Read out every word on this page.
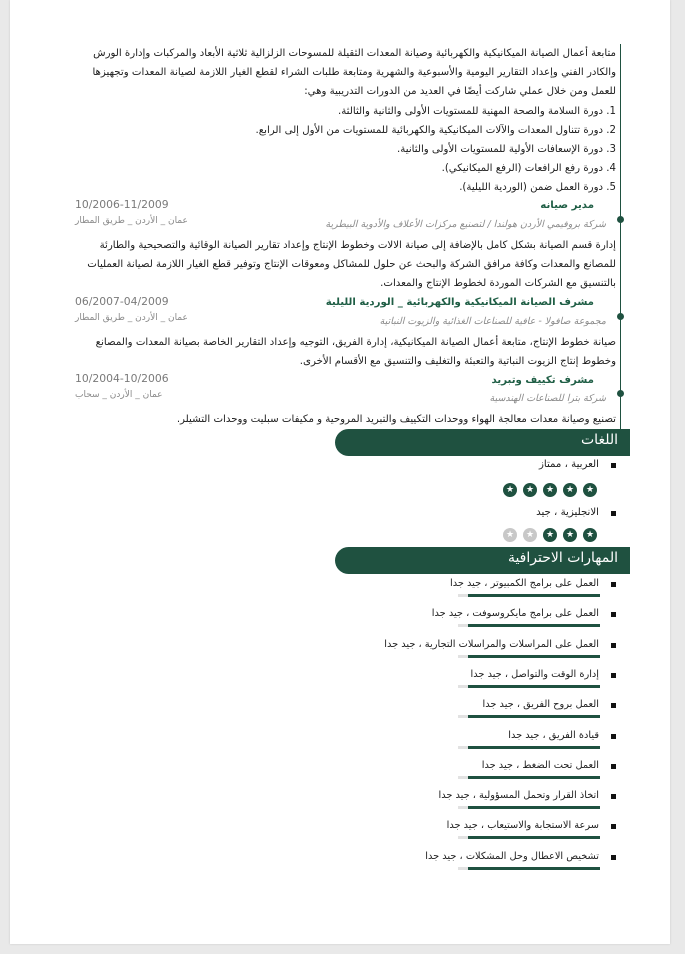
متابعة أعمال الصيانة الميكانيكية والكهربائية وصيانة المعدات الثقيلة للمسوحات الزلزالية ثلاثية الأبعاد والمركبات وإدارة الورش
والكادر الفني وإعداد التقارير اليومية والأسبوعية والشهرية ومتابعة طلبات الشراء لقطع الغيار اللازمة لصيانة المعدات وتجهيزها
للعمل ومن خلال عملي شاركت أيضًا في العديد من الدورات التدريبية وهي:
1. دورة السلامة والصحة المهنية للمستويات الأولى والثانية والثالثة.
2. دورة تتناول المعدات والآلات الميكانيكية والكهربائية للمستويات من الأول إلى الرابع.
3. دورة الإسعافات الأولية للمستويات الأولى والثانية.
4. دورة رفع الرافعات (الرفع الميكانيكي).
5. دورة العمل ضمن (الوردية الليلية).
10/2006-11/2009	مدير صيانه
عمان _ الأردن _ طريق المطار	شركة بروفيمي الأردن هولندا / لتصنيع مركزات الأعلاف والأدوية البيطرية
إدارة قسم الصيانة بشكل كامل بالإضافة إلى صيانة الالات وخطوط الإنتاج وإعداد تقارير الصيانة الوقائية والتصحيحية والطارئة
للمصانع والمعدات وكافة مرافق الشركة والبحث عن حلول للمشاكل ومعوقات الإنتاج وتوفير قطع الغيار اللازمة لصيانة العمليات
بالتنسيق مع الشركات الموردة لخطوط الإنتاج والمعدات.
06/2007-04/2009	مشرف الصيانة الميكانيكية والكهربائية _ الوردية الليلية
عمان _ الأردن _ طريق المطار	مجموعة صافولا - عافية للصناعات الغذائية والزيوت النباتية
صيانة خطوط الإنتاج، متابعة أعمال الصيانة الميكانيكية، إدارة الفريق، التوجيه وإعداد التقارير الخاصة بصيانة المعدات والمصانع
وخطوط إنتاج الزيوت النباتية والتعبئة والتغليف والتنسيق مع الأقسام الأخرى.
10/2004-10/2006	مشرف تكييف وتبريد
عمان _ الأردن _ سحاب	شركة بترا للصناعات الهندسية
تصنيع وصيانة معدات معالجة الهواء ووحدات التكييف والتبريد المروحية و مكيفات سبليت ووحدات التشيلر.
اللغات
العربية ، ممتاز
★
★
★
★
★
الانجليزية ، جيد
★
★
★
★
★
المهارات الاحترافية
العمل على برامج الكمبيوتر ، جيد جدا
العمل على برامج مايكروسوفت ، جيد جدا
العمل على المراسلات والمراسلات التجارية ، جيد جدا
إدارة الوقت والتواصل ، جيد جدا
العمل بروح الفريق ، جيد جدا
قيادة الفريق ، جيد جدا
العمل تحت الضغط ، جيد جدا
اتخاذ القرار وتحمل المسؤولية ، جيد جدا
سرعة الاستجابة والاستيعاب ، جيد جدا
تشخيص الاعطال وحل المشكلات ، جيد جدا
